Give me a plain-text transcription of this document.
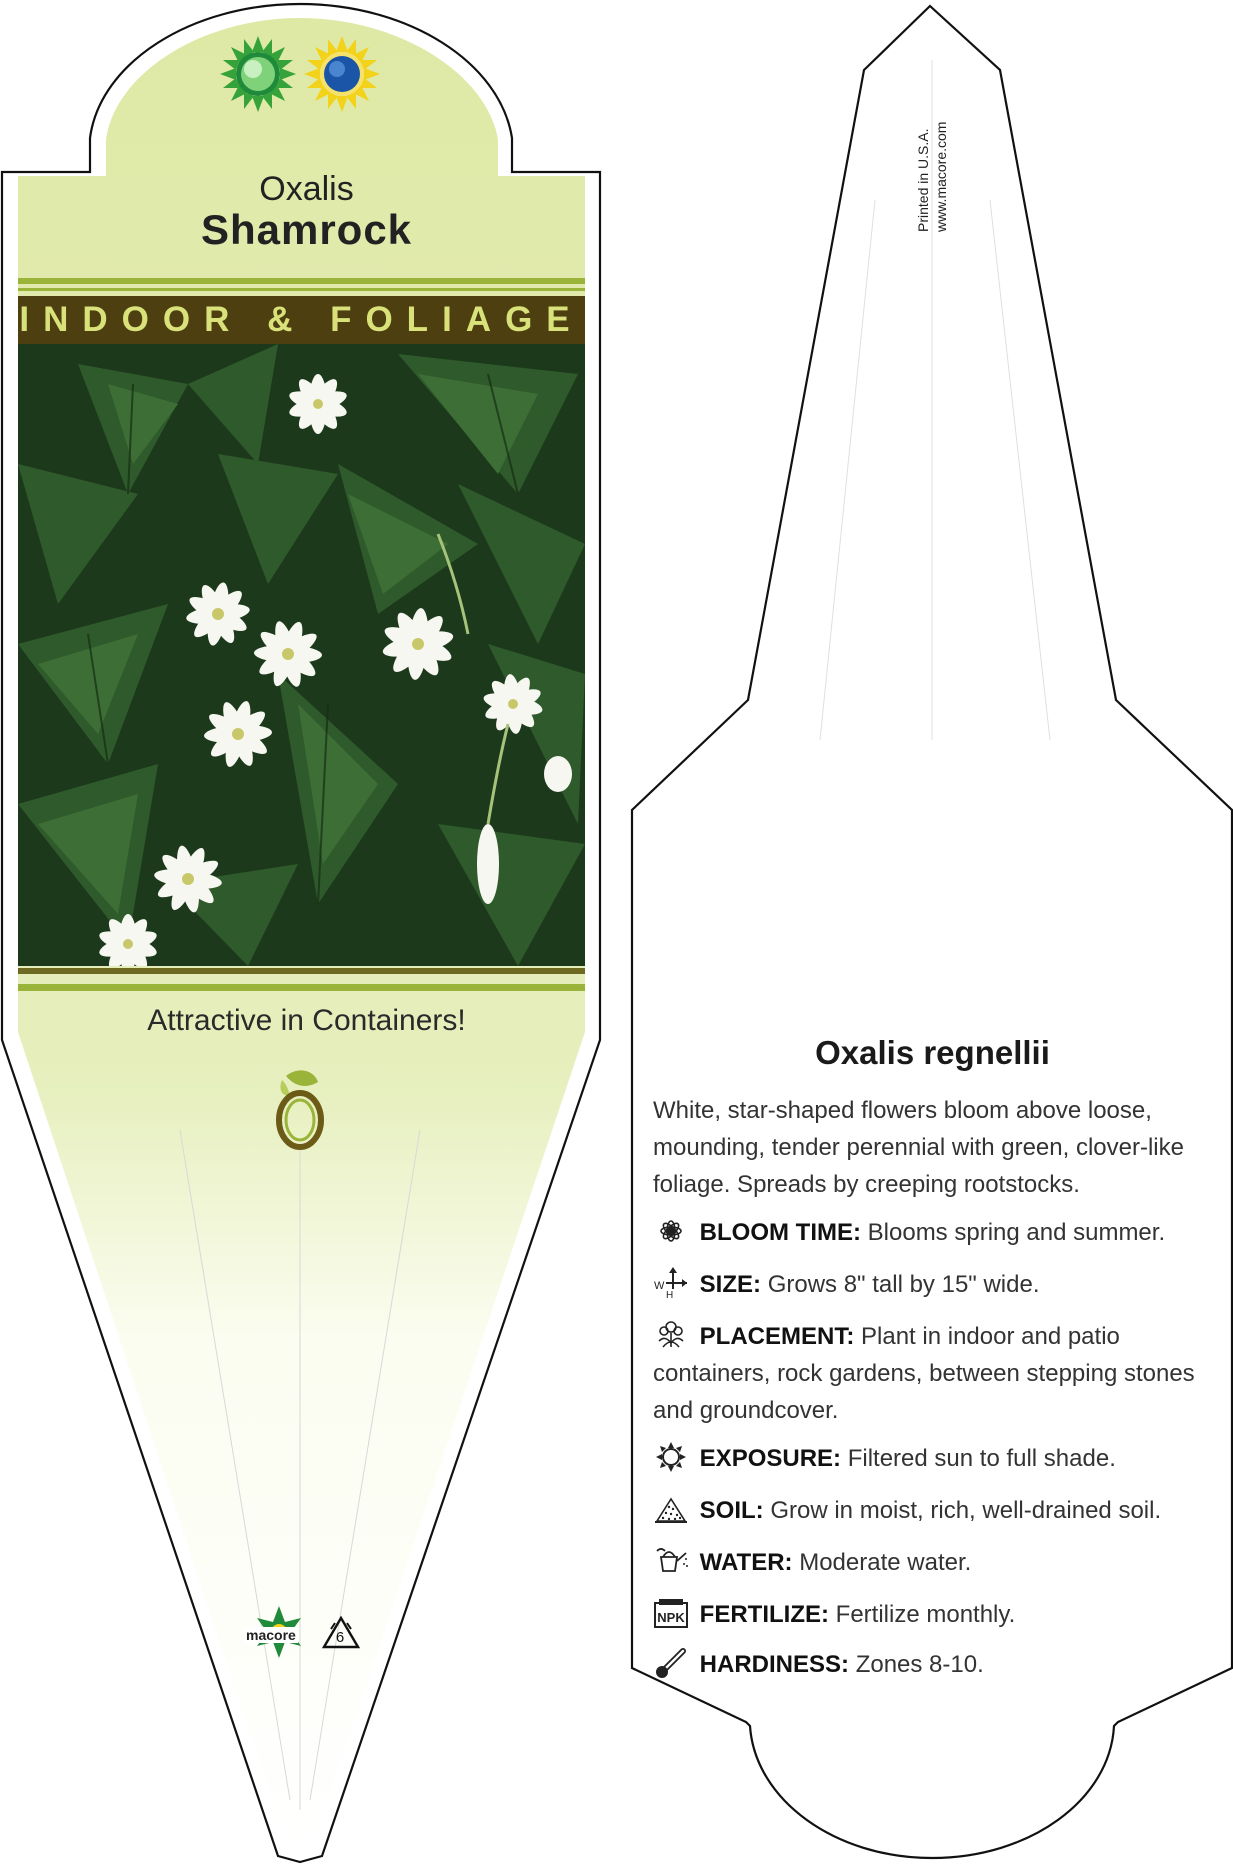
Oxalis
Shamrock
INDOOR & FOLIAGE
Attractive in Containers!
macore	6
Printed in U.S.A. www.macore.com
Oxalis regnellii
White, star-shaped flowers bloom above loose, mounding, tender perennial with green, clover-like foliage. Spreads by creeping rootstocks.
BLOOM TIME: Blooms spring and summer.
W
H SIZE: Grows 8" tall by 15" wide.
PLACEMENT: Plant in indoor and patio containers, rock gardens, between stepping stones and groundcover.
EXPOSURE: Filtered sun to full shade.
SOIL: Grow in moist, rich, well-drained soil.
WATER: Moderate water.
NPK FERTILIZE: Fertilize monthly.
HARDINESS: Zones 8-10.
